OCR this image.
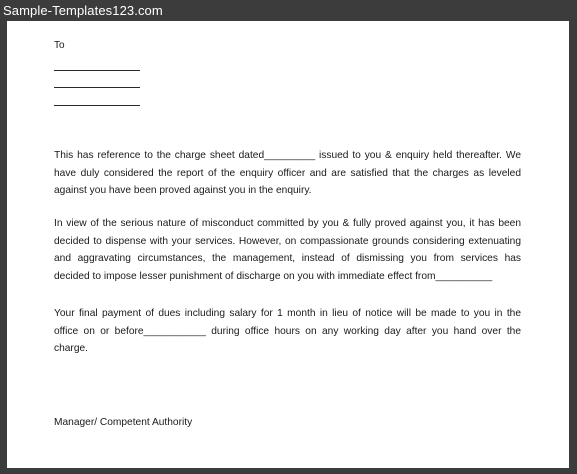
Sample-Templates123.com
To
This has reference to the charge sheet dated_________ issued to you & enquiry held thereafter. We
have duly considered the report of the enquiry officer and are satisfied that the charges as leveled
against you have been proved against you in the enquiry.
In view of the serious nature of misconduct committed by you & fully proved against you, it has been
decided to dispense with your services. However, on compassionate grounds considering extenuating
and aggravating circumstances, the management, instead of dismissing you from services has
decided to impose lesser punishment of discharge on you with immediate effect from__________
Your final payment of dues including salary for 1 month in lieu of notice will be made to you in the
office on or before___________ during office hours on any working day after you hand over the
charge.
Manager/ Competent Authority
